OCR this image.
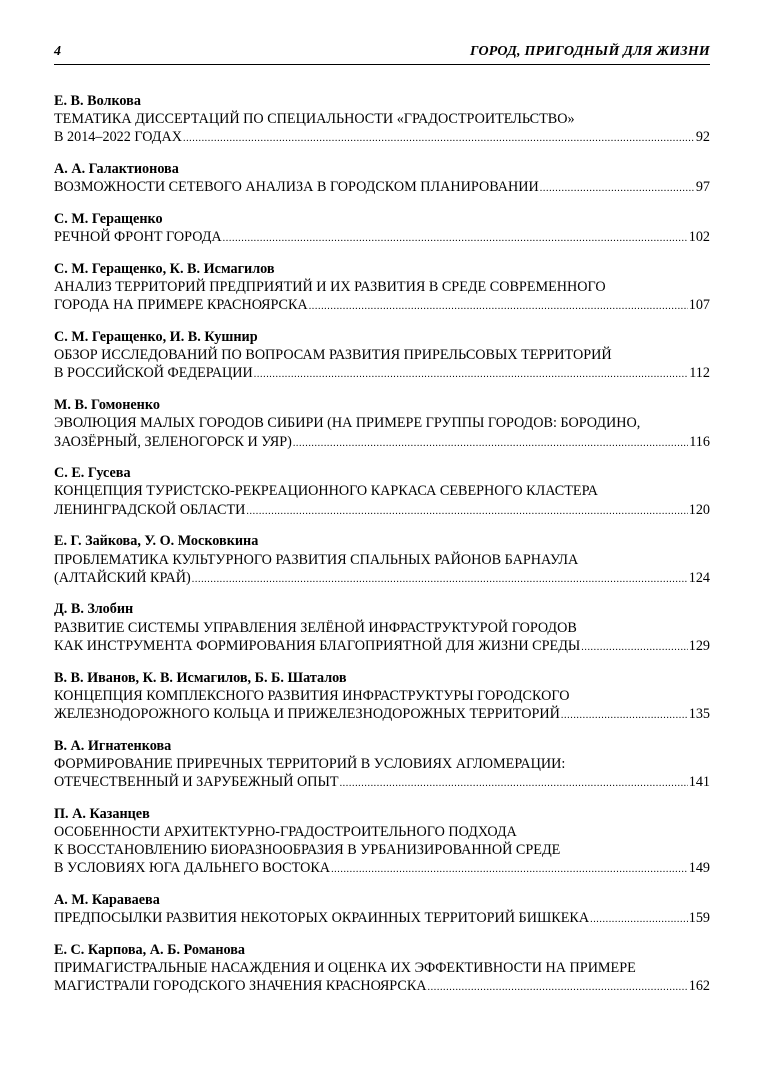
4	ГОРОД, ПРИГОДНЫЙ ДЛЯ ЖИЗНИ
Е. В. Волкова
ТЕМАТИКА ДИССЕРТАЦИЙ ПО СПЕЦИАЛЬНОСТИ «ГРАДОСТРОИТЕЛЬСТВО»
В 2014–2022 ГОДАХ .....	92
А. А. Галактионова
ВОЗМОЖНОСТИ СЕТЕВОГО АНАЛИЗА В ГОРОДСКОМ ПЛАНИРОВАНИИ .....	97
С. М. Геращенко
РЕЧНОЙ ФРОНТ ГОРОДА .....	102
С. М. Геращенко, К. В. Исмагилов
АНАЛИЗ ТЕРРИТОРИЙ ПРЕДПРИЯТИЙ И ИХ РАЗВИТИЯ В СРЕДЕ СОВРЕМЕННОГО
ГОРОДА НА ПРИМЕРЕ КРАСНОЯРСКА .....	107
С. М. Геращенко, И. В. Кушнир
ОБЗОР ИССЛЕДОВАНИЙ ПО ВОПРОСАМ РАЗВИТИЯ ПРИРЕЛЬСОВЫХ ТЕРРИТОРИЙ
В РОССИЙСКОЙ ФЕДЕРАЦИИ .....	112
М. В. Гомоненко
ЭВОЛЮЦИЯ МАЛЫХ ГОРОДОВ СИБИРИ (НА ПРИМЕРЕ ГРУППЫ ГОРОДОВ: БОРОДИНО,
ЗАОЗЁРНЫЙ, ЗЕЛЕНОГОРСК И УЯР) .....	116
С. Е. Гусева
КОНЦЕПЦИЯ ТУРИСТСКО-РЕКРЕАЦИОННОГО КАРКАСА СЕВЕРНОГО КЛАСТЕРА
ЛЕНИНГРАДСКОЙ ОБЛАСТИ .....	120
Е. Г. Зайкова, У. О. Московкина
ПРОБЛЕМАТИКА КУЛЬТУРНОГО РАЗВИТИЯ СПАЛЬНЫХ РАЙОНОВ БАРНАУЛА
(АЛТАЙСКИЙ КРАЙ) .....	124
Д. В. Злобин
РАЗВИТИЕ СИСТЕМЫ УПРАВЛЕНИЯ ЗЕЛЁНОЙ ИНФРАСТРУКТУРОЙ ГОРОДОВ
КАК ИНСТРУМЕНТА ФОРМИРОВАНИЯ БЛАГОПРИЯТНОЙ ДЛЯ ЖИЗНИ СРЕДЫ .....	129
В. В. Иванов, К. В. Исмагилов, Б. Б. Шаталов
КОНЦЕПЦИЯ КОМПЛЕКСНОГО РАЗВИТИЯ ИНФРАСТРУКТУРЫ ГОРОДСКОГО
ЖЕЛЕЗНОДОРОЖНОГО КОЛЬЦА И ПРИЖЕЛЕЗНОДОРОЖНЫХ ТЕРРИТОРИЙ .....	135
В. А. Игнатенкова
ФОРМИРОВАНИЕ ПРИРЕЧНЫХ ТЕРРИТОРИЙ В УСЛОВИЯХ АГЛОМЕРАЦИИ:
ОТЕЧЕСТВЕННЫЙ И ЗАРУБЕЖНЫЙ ОПЫТ .....	141
П. А. Казанцев
ОСОБЕННОСТИ АРХИТЕКТУРНО-ГРАДОСТРОИТЕЛЬНОГО ПОДХОДА
К ВОССТАНОВЛЕНИЮ БИОРАЗНООБРАЗИЯ В УРБАНИЗИРОВАННОЙ СРЕДЕ
В УСЛОВИЯХ ЮГА ДАЛЬНЕГО ВОСТОКА .....	149
А. М. Караваева
ПРЕДПОСЫЛКИ РАЗВИТИЯ НЕКОТОРЫХ ОКРАИННЫХ ТЕРРИТОРИЙ БИШКЕКА .....	159
Е. С. Карпова, А. Б. Романова
ПРИМАГИСТРАЛЬНЫЕ НАСАЖДЕНИЯ И ОЦЕНКА ИХ ЭФФЕКТИВНОСТИ НА ПРИМЕРЕ
МАГИСТРАЛИ ГОРОДСКОГО ЗНАЧЕНИЯ КРАСНОЯРСКА .....	162
